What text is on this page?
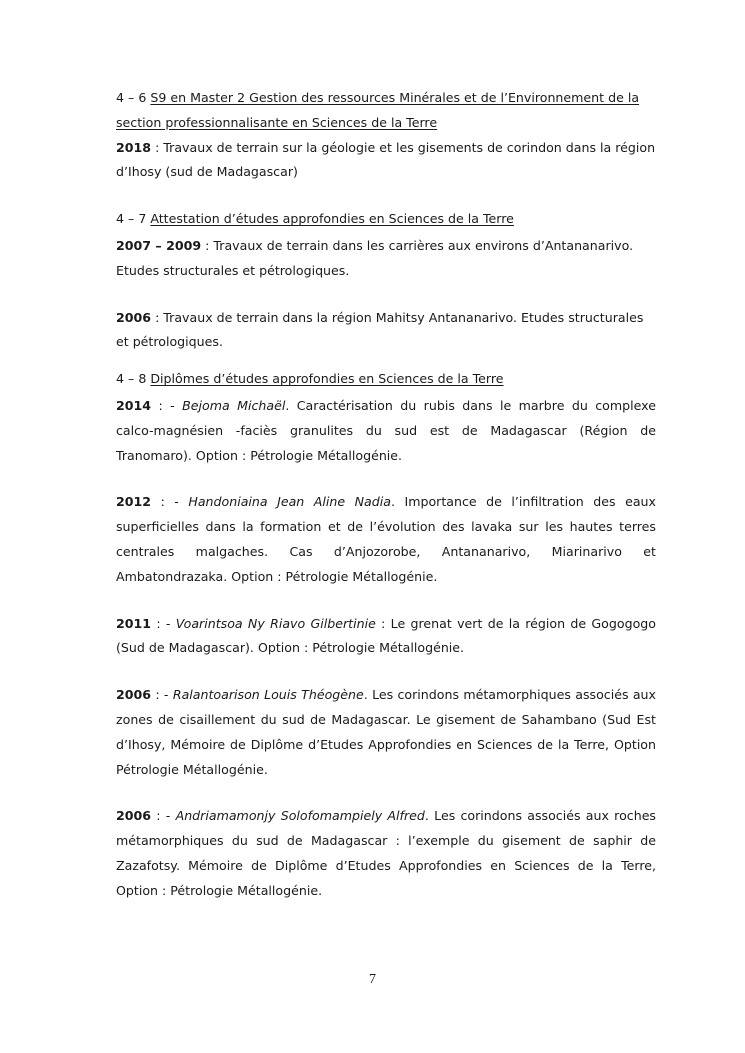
4 – 6 S9 en Master 2 Gestion des ressources Minérales et de l’Environnement de la section professionnalisante en Sciences de la Terre

2018 : Travaux de terrain sur la géologie et les gisements de corindon dans la région d’Ihosy (sud de Madagascar)

4 – 7 Attestation d’études approfondies en Sciences de la Terre

2007 – 2009 : Travaux de terrain dans les carrières aux environs d’Antananarivo. Etudes structurales et pétrologiques.

2006 : Travaux de terrain dans la région Mahitsy Antananarivo. Etudes structurales et pétrologiques.

4 – 8 Diplômes d’études approfondies en Sciences de la Terre

2014 : - Bejoma Michaël. Caractérisation du rubis dans le marbre du complexe calco-magnésien -faciès granulites du sud est de Madagascar (Région de Tranomaro). Option : Pétrologie Métallogénie.

2012 : - Handoniaina Jean Aline Nadia. Importance de l’infiltration des eaux superficielles dans la formation et de l’évolution des lavaka sur les hautes terres centrales malgaches. Cas d’Anjozorobe, Antananarivo, Miarinarivo et Ambatondrazaka. Option : Pétrologie Métallogénie.

2011 : - Voarintsoa Ny Riavo Gilbertinie : Le grenat vert de la région de Gogogogo (Sud de Madagascar). Option : Pétrologie Métallogénie.

2006 : - Ralantoarison Louis Théogène. Les corindons métamorphiques associés aux zones de cisaillement du sud de Madagascar. Le gisement de Sahambano (Sud Est d’Ihosy, Mémoire de Diplôme d’Etudes Approfondies en Sciences de la Terre, Option Pétrologie Métallogénie.

2006 : - Andriamamonjy Solofomampiely Alfred. Les corindons associés aux roches métamorphiques du sud de Madagascar : l’exemple du gisement de saphir de Zazafotsy. Mémoire de Diplôme d’Etudes Approfondies en Sciences de la Terre, Option : Pétrologie Métallogénie.

7
